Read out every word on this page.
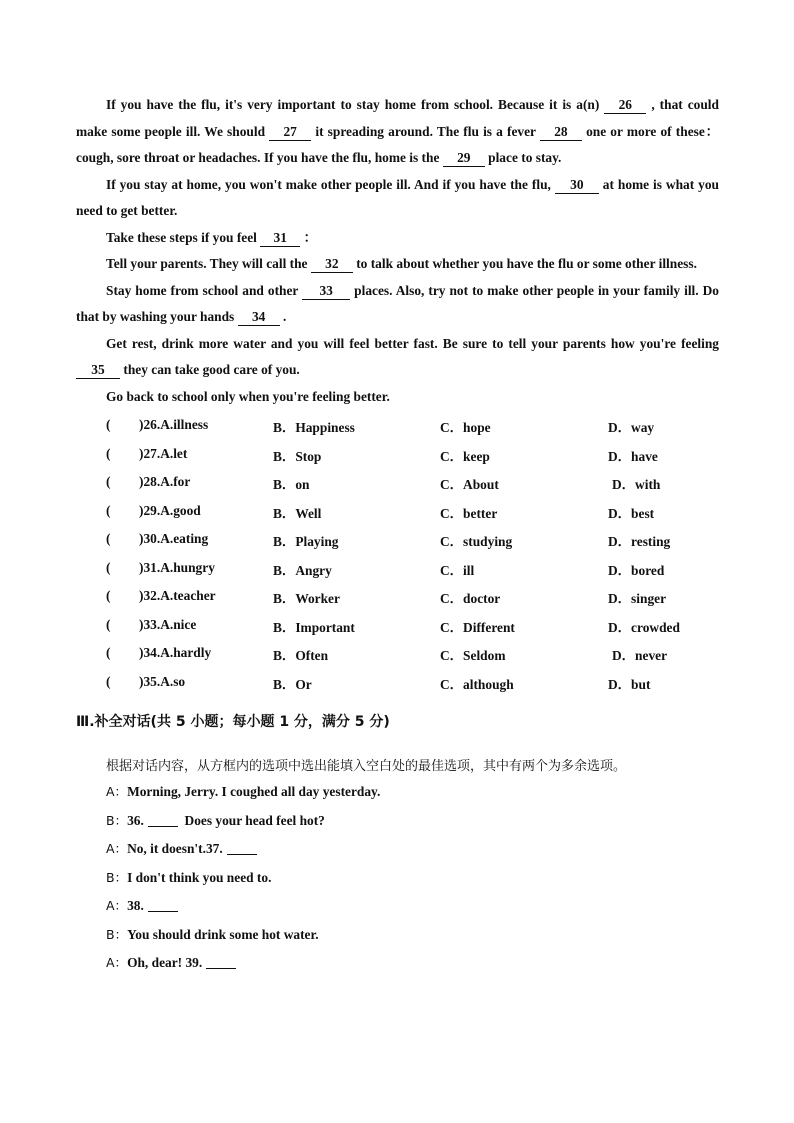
If you have the flu, it's very important to stay home from school. Because it is a(n) 26 , that could make some people ill. We should 27 it spreading around. The flu is a fever 28 one or more of these：cough, sore throat or headaches. If you have the flu, home is the 29 place to stay.

If you stay at home, you won't make other people ill. And if you have the flu, 30 at home is what you need to get better.

Take these steps if you feel 31 ：

Tell your parents. They will call the 32 to talk about whether you have the flu or some other illness.

Stay home from school and other 33 places. Also, try not to make other people in your family ill. Do that by washing your hands 34 .

Get rest, drink more water and you will feel better fast. Be sure to tell your parents how you're feeling 35 they can take good care of you.

Go back to school only when you're feeling better.

( )26.A.illness	B．Happiness	C．hope	D．way
( )27.A.let	B．Stop	C．keep	D．have
( )28.A.for	B．on	C．About	D．with
( )29.A.good	B．Well	C．better	D．best
( )30.A.eating	B．Playing	C．studying	D．resting
( )31.A.hungry	B．Angry	C．ill	D．bored
( )32.A.teacher	B．Worker	C．doctor	D．singer
( )33.A.nice	B．Important	C．Different	D．crowded
( )34.A.hardly	B．Often	C．Seldom	D．never
( )35.A.so	B．Or	C．although	D．but
Ⅲ.补全对话(共 5 小题；每小题 1 分，满分 5 分)
根据对话内容，从方框内的选项中选出能填入空白处的最佳选项，其中有两个为多余选项。
A：Morning, Jerry. I coughed all day yesterday.
B：36.	Does your head feel hot?
A：No, it doesn't.37.
B：I don't think you need to.
A：38.
B：You should drink some hot water.
A：Oh, dear! 39.
